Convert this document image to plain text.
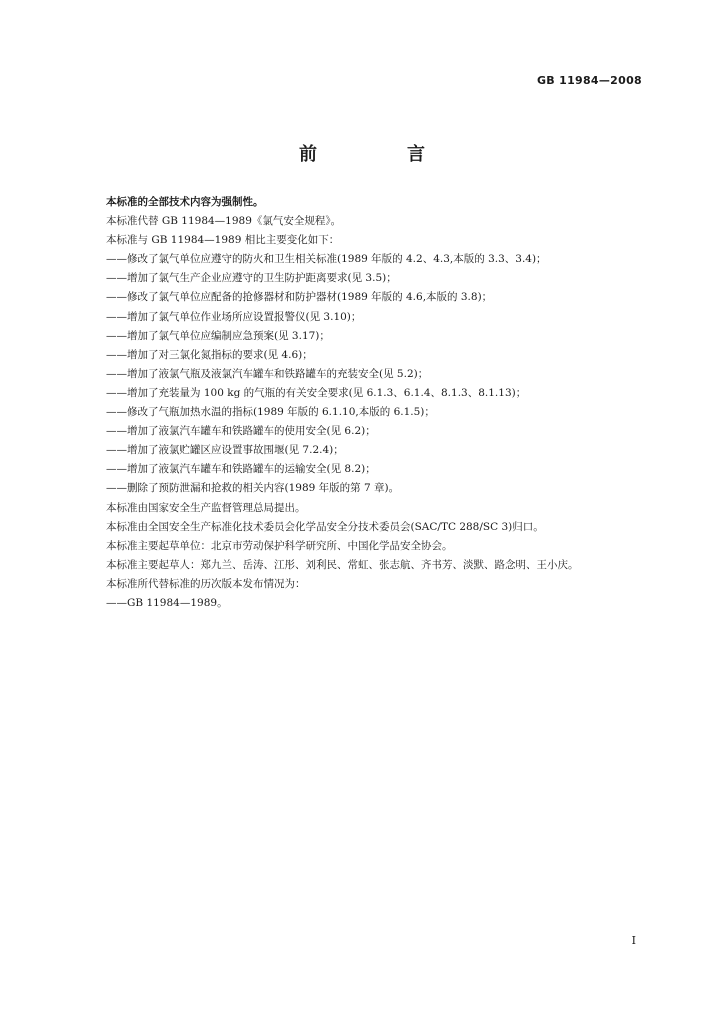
GB 11984—2008
前　言
本标准的全部技术内容为强制性。
本标准代替 GB 11984—1989《氯气安全规程》。
本标准与 GB 11984—1989 相比主要变化如下：
——修改了氯气单位应遵守的防火和卫生相关标准(1989 年版的 4.2、4.3,本版的 3.3、3.4)；
——增加了氯气生产企业应遵守的卫生防护距离要求(见 3.5)；
——修改了氯气单位应配备的抢修器材和防护器材(1989 年版的 4.6,本版的 3.8)；
——增加了氯气单位作业场所应设置报警仪(见 3.10)；
——增加了氯气单位应编制应急预案(见 3.17)；
——增加了对三氯化氮指标的要求(见 4.6)；
——增加了液氯气瓶及液氯汽车罐车和铁路罐车的充装安全(见 5.2)；
——增加了充装量为 100 kg 的气瓶的有关安全要求(见 6.1.3、6.1.4、8.1.3、8.1.13)；
——修改了气瓶加热水温的指标(1989 年版的 6.1.10,本版的 6.1.5)；
——增加了液氯汽车罐车和铁路罐车的使用安全(见 6.2)；
——增加了液氯贮罐区应设置事故围堰(见 7.2.4)；
——增加了液氯汽车罐车和铁路罐车的运输安全(见 8.2)；
——删除了预防泄漏和抢救的相关内容(1989 年版的第 7 章)。
本标准由国家安全生产监督管理总局提出。
本标准由全国安全生产标准化技术委员会化学品安全分技术委员会(SAC/TC 288/SC 3)归口。
本标准主要起草单位：北京市劳动保护科学研究所、中国化学品安全协会。
本标准主要起草人：郑九兰、岳涛、江彤、刘利民、常虹、张志航、齐书芳、淡默、路念明、王小庆。
本标准所代替标准的历次版本发布情况为：
——GB 11984—1989。
I
